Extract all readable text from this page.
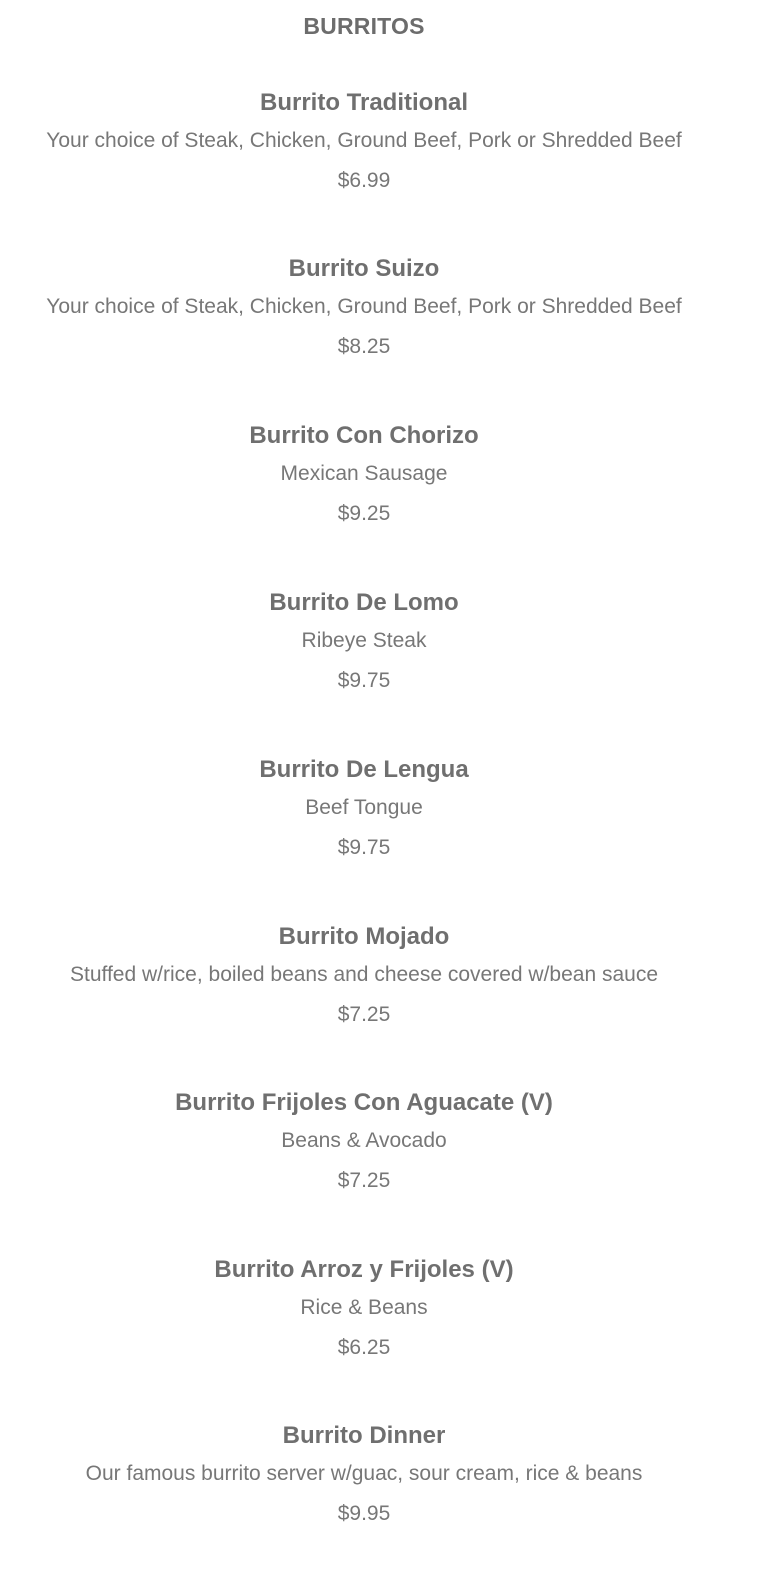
BURRITOS
Burrito Traditional
Your choice of Steak, Chicken, Ground Beef, Pork or Shredded Beef
$6.99
Burrito Suizo
Your choice of Steak, Chicken, Ground Beef, Pork or Shredded Beef
$8.25
Burrito Con Chorizo
Mexican Sausage
$9.25
Burrito De Lomo
Ribeye Steak
$9.75
Burrito De Lengua
Beef Tongue
$9.75
Burrito Mojado
Stuffed w/rice, boiled beans and cheese covered w/bean sauce
$7.25
Burrito Frijoles Con Aguacate (V)
Beans & Avocado
$7.25
Burrito Arroz y Frijoles (V)
Rice & Beans
$6.25
Burrito Dinner
Our famous burrito server w/guac, sour cream, rice & beans
$9.95
